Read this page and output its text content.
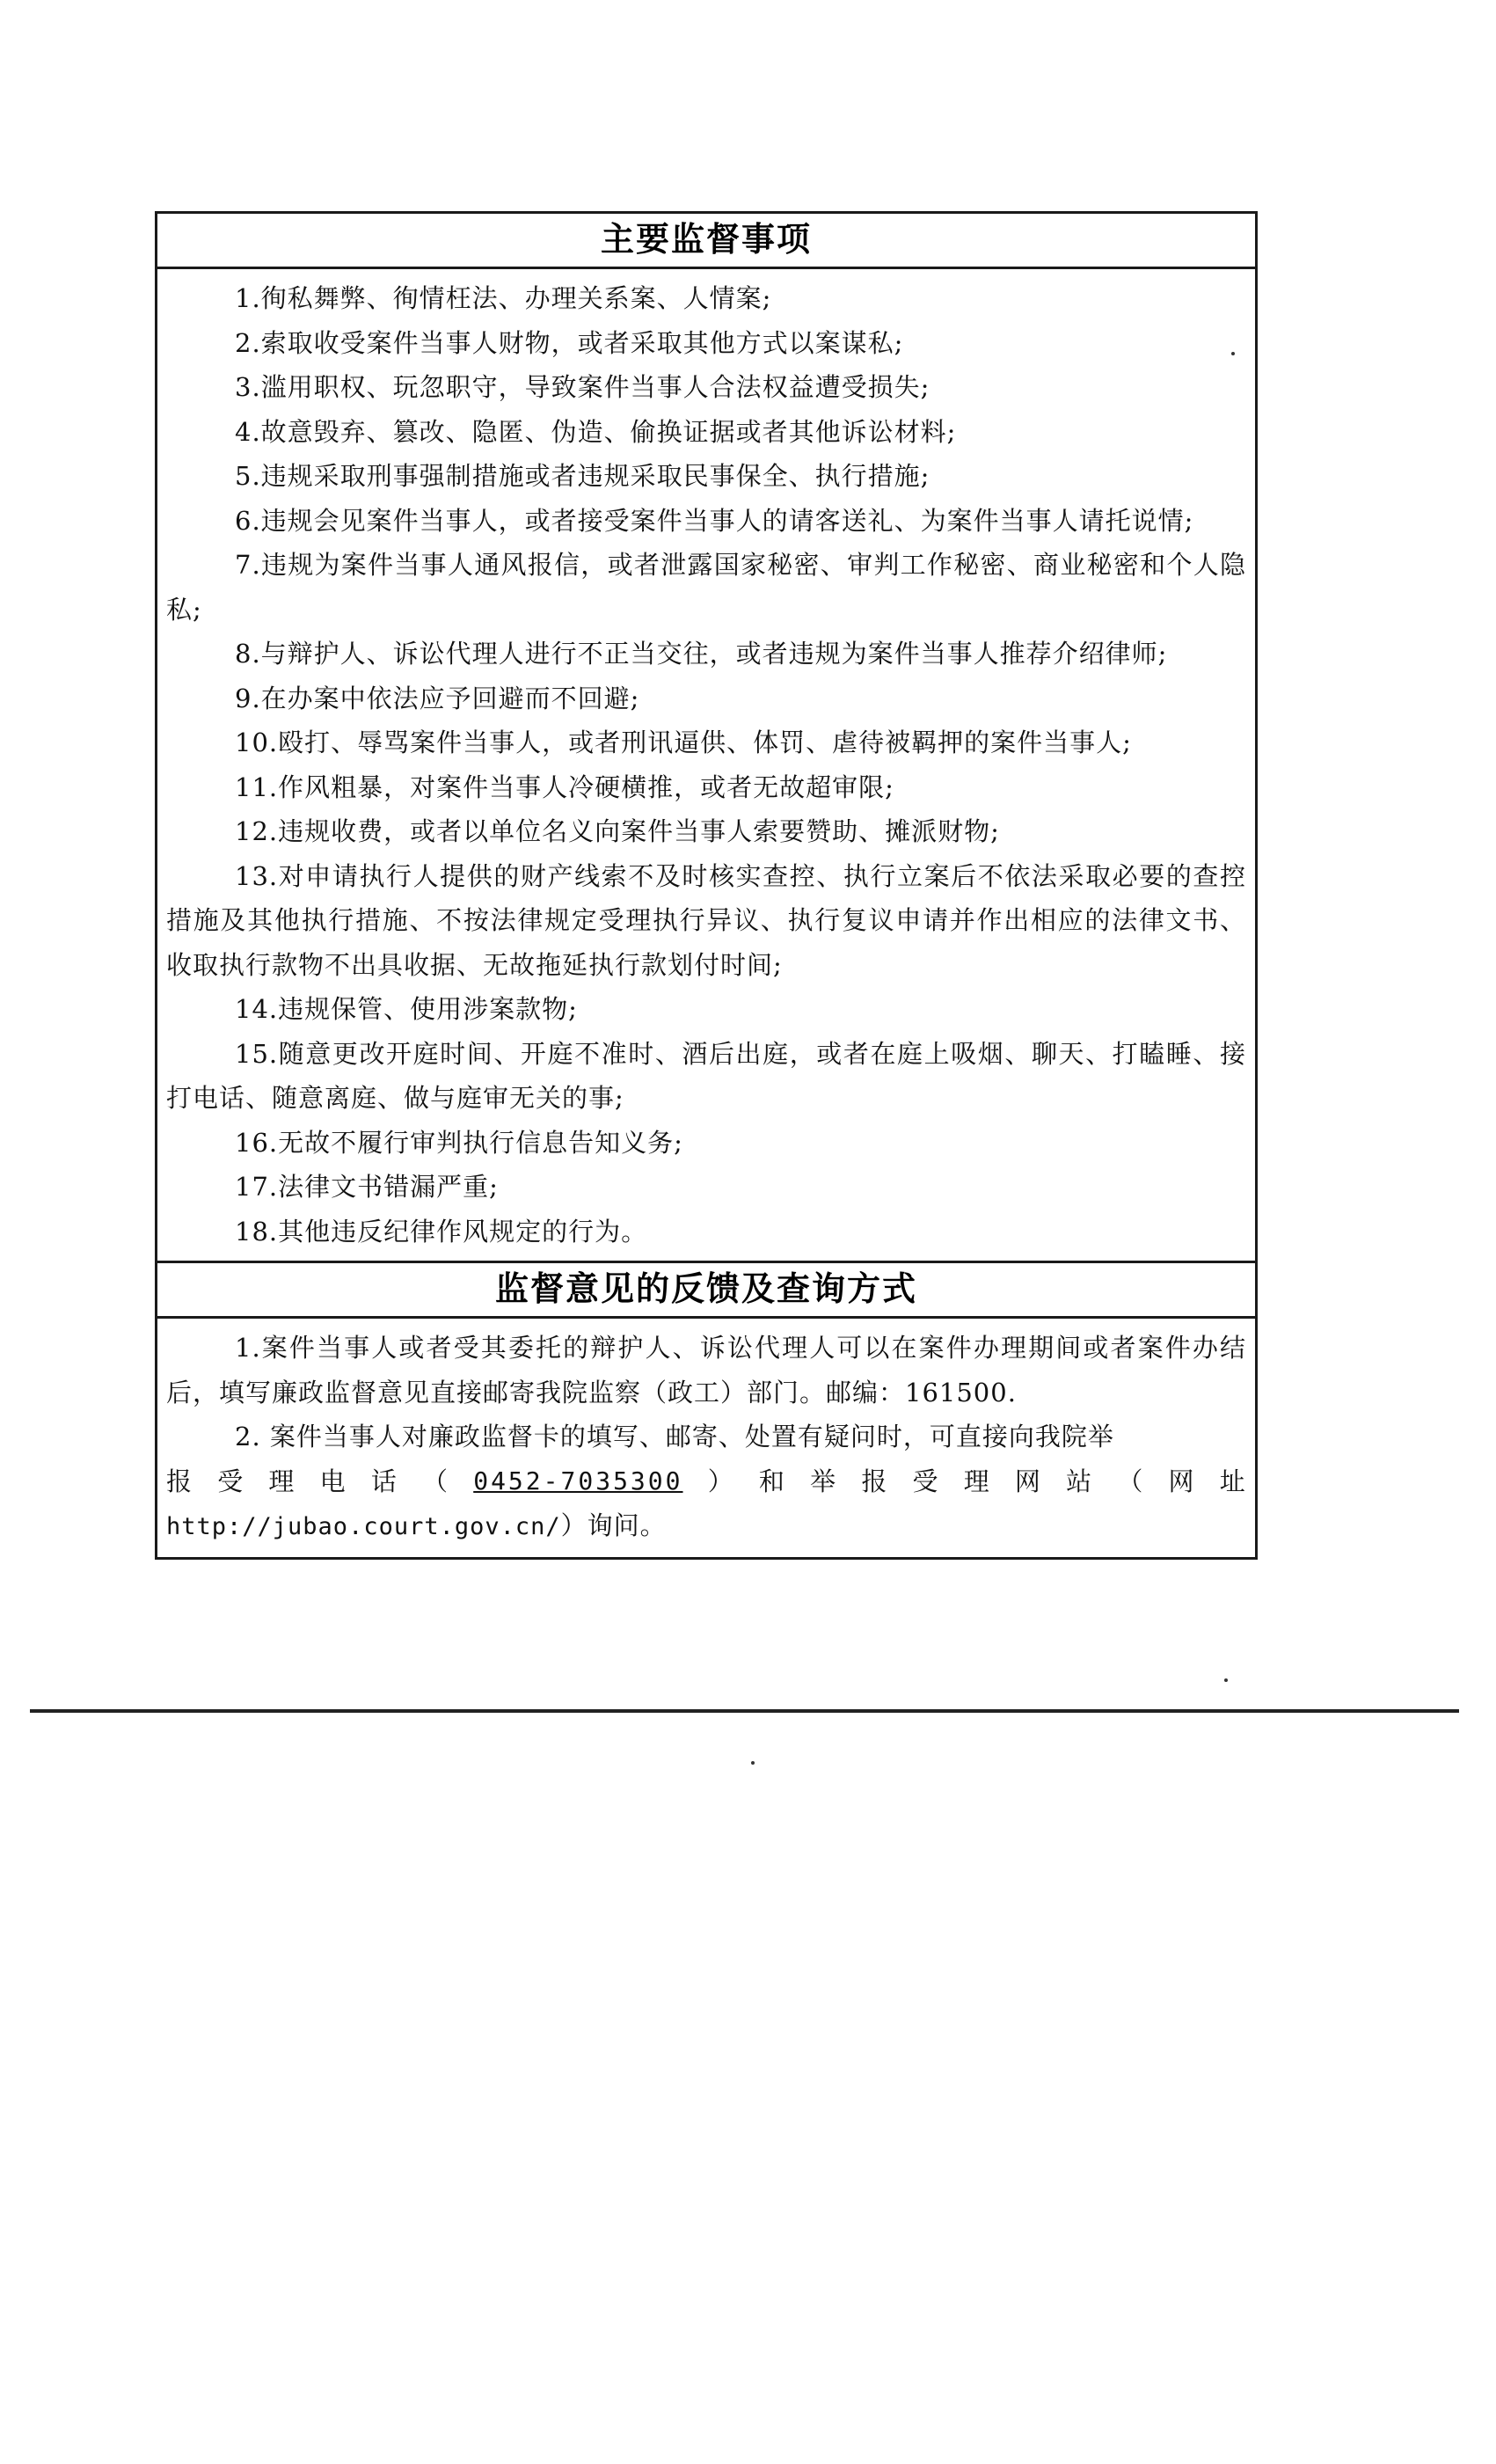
主要监督事项

1.徇私舞弊、徇情枉法、办理关系案、人情案;

2.索取收受案件当事人财物，或者采取其他方式以案谋私;

3.滥用职权、玩忽职守，导致案件当事人合法权益遭受损失;

4.故意毁弃、篡改、隐匿、伪造、偷换证据或者其他诉讼材料;

5.违规采取刑事强制措施或者违规采取民事保全、执行措施;

6.违规会见案件当事人，或者接受案件当事人的请客送礼、为案件当事人请托说情;

7.违规为案件当事人通风报信，或者泄露国家秘密、审判工作秘密、商业秘密和个人隐私;

8.与辩护人、诉讼代理人进行不正当交往，或者违规为案件当事人推荐介绍律师;

9.在办案中依法应予回避而不回避;

10.殴打、辱骂案件当事人，或者刑讯逼供、体罚、虐待被羁押的案件当事人;

11.作风粗暴，对案件当事人冷硬横推，或者无故超审限;

12.违规收费，或者以单位名义向案件当事人索要赞助、摊派财物;

13.对申请执行人提供的财产线索不及时核实查控、执行立案后不依法采取必要的查控措施及其他执行措施、不按法律规定受理执行异议、执行复议申请并作出相应的法律文书、收取执行款物不出具收据、无故拖延执行款划付时间;

14.违规保管、使用涉案款物;

15.随意更改开庭时间、开庭不准时、酒后出庭，或者在庭上吸烟、聊天、打瞌睡、接打电话、随意离庭、做与庭审无关的事;

16.无故不履行审判执行信息告知义务;

17.法律文书错漏严重;

18.其他违反纪律作风规定的行为。

监督意见的反馈及查询方式

1.案件当事人或者受其委托的辩护人、诉讼代理人可以在案件办理期间或者案件办结后，填写廉政监督意见直接邮寄我院监察（政工）部门。邮编：161500.

2. 案件当事人对廉政监督卡的填写、邮寄、处置有疑问时，可直接向我院举

报 受 理 电 话 （ 0452-7035300 ） 和 举 报 受 理 网 站 （ 网 址

http://jubao.court.gov.cn/）询问。
